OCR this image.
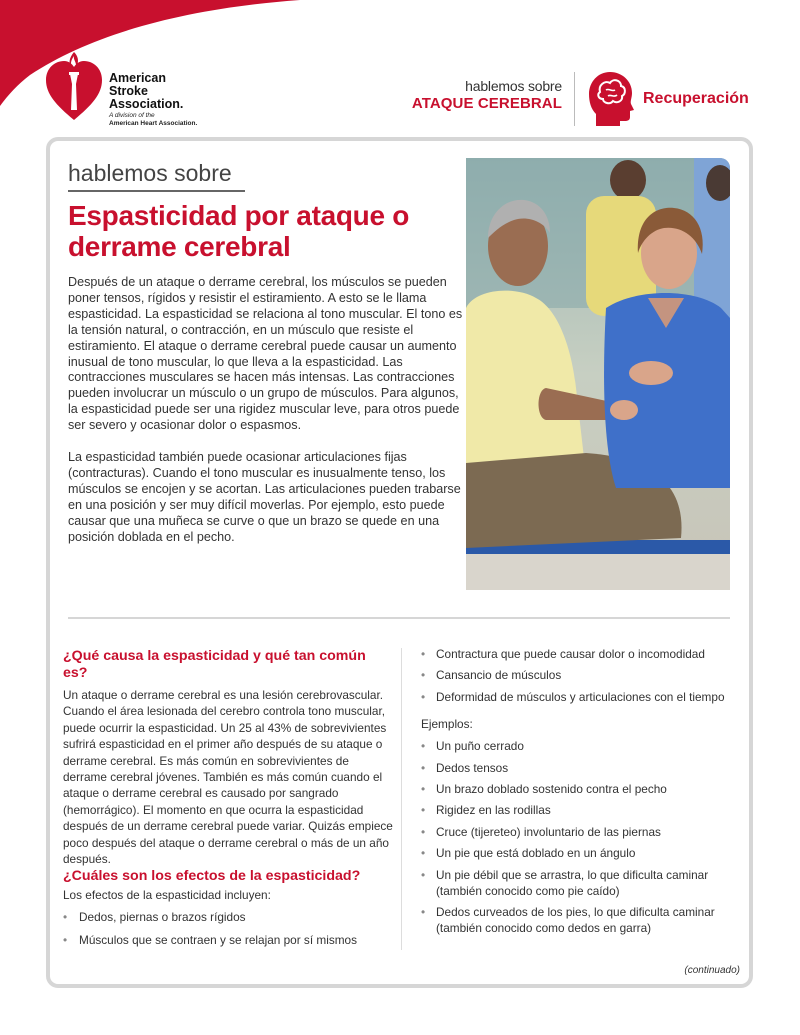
American
Stroke
Association.
A division of the
American Heart Association.
hablemos sobre
ATAQUE CEREBRAL	Recuperación
hablemos sobre
Espasticidad por ataque o derrame cerebral

Después de un ataque o derrame cerebral, los músculos se pueden poner tensos, rígidos y resistir el estiramiento. A esto se le llama espasticidad. La espasticidad se relaciona al tono muscular. El tono es la tensión natural, o contracción, en un músculo que resiste el estiramiento. El ataque o derrame cerebral puede causar un aumento inusual de tono muscular, lo que lleva a la espasticidad. Las contracciones musculares se hacen más intensas. Las contracciones pueden involucrar un músculo o un grupo de músculos. Para algunos, la espasticidad puede ser una rigidez muscular leve, para otros puede ser severo y ocasionar dolor o espasmos.

La espasticidad también puede ocasionar articulaciones fijas (contracturas). Cuando el tono muscular es inusualmente tenso, los músculos se encojen y se acortan. Las articulaciones pueden trabarse en una posición y ser muy difícil moverlas. Por ejemplo, esto puede causar que una muñeca se curve o que un brazo se quede en una posición doblada en el pecho.

¿Qué causa la espasticidad y qué tan común es?

Un ataque o derrame cerebral es una lesión cerebrovascular. Cuando el área lesionada del cerebro controla tono muscular, puede ocurrir la espasticidad. Un 25 al 43% de sobrevivientes sufrirá espasticidad en el primer año después de su ataque o derrame cerebral. Es más común en sobrevivientes de derrame cerebral jóvenes. También es más común cuando el ataque o derrame cerebral es causado por sangrado (hemorrágico). El momento en que ocurra la espasticidad después de un derrame cerebral puede variar. Quizás empiece poco después del ataque o derrame cerebral o más de un año después.

¿Cuáles son los efectos de la espasticidad?

Los efectos de la espasticidad incluyen:

• Dedos, piernas o brazos rígidos
• Músculos que se contraen y se relajan por sí mismos
• Contractura que puede causar dolor o incomodidad
• Cansancio de músculos
• Deformidad de músculos y articulaciones con el tiempo
Ejemplos:
• Un puño cerrado
• Dedos tensos
• Un brazo doblado sostenido contra el pecho
• Rigidez en las rodillas
• Cruce (tijereteo) involuntario de las piernas
• Un pie que está doblado en un ángulo
• Un pie débil que se arrastra, lo que dificulta caminar (también conocido como pie caído)
• Dedos curveados de los pies, lo que dificulta caminar (también conocido como dedos en garra)
(continuado)
